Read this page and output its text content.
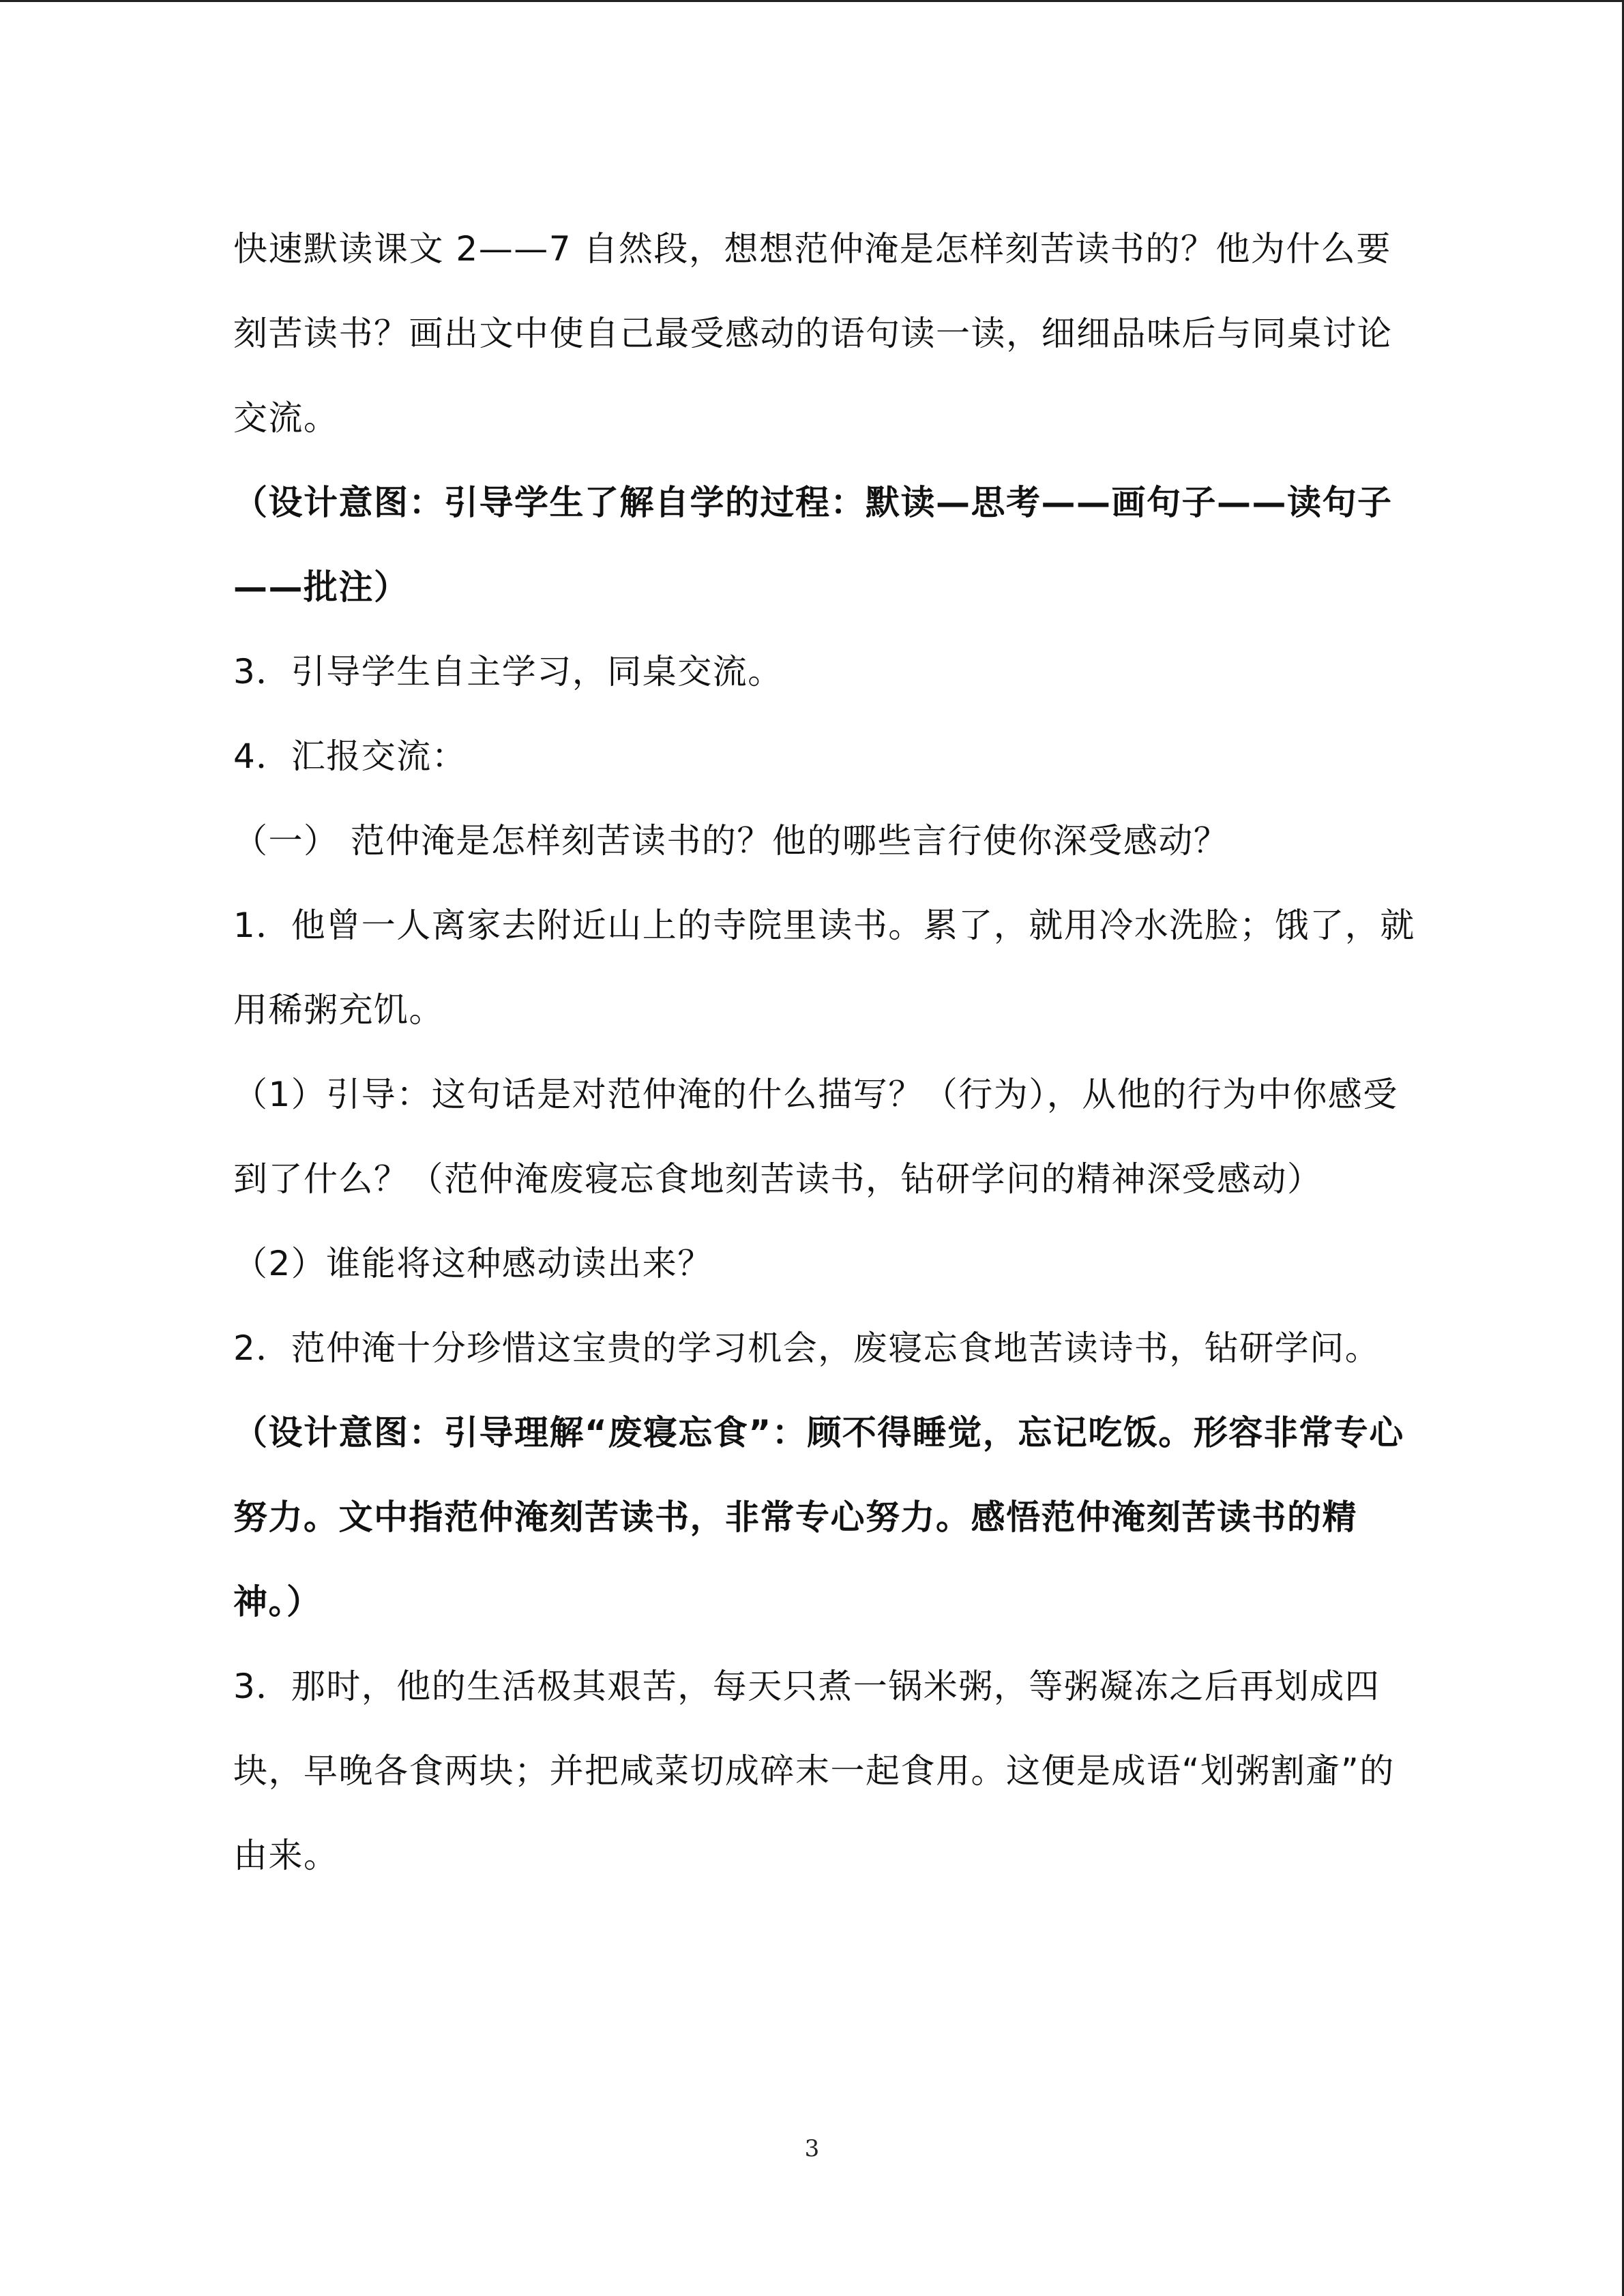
快速默读课文 2——7 自然段，想想范仲淹是怎样刻苦读书的？他为什么要刻苦读书？画出文中使自己最受感动的语句读一读，细细品味后与同桌讨论交流。

（设计意图：引导学生了解自学的过程：默读—思考——画句子——读句子——批注）

3．引导学生自主学习，同桌交流。

4．汇报交流：

（一） 范仲淹是怎样刻苦读书的？他的哪些言行使你深受感动？

1．他曾一人离家去附近山上的寺院里读书。累了，就用冷水洗脸；饿了，就用稀粥充饥。

（1）引导：这句话是对范仲淹的什么描写？（行为），从他的行为中你感受到了什么？（范仲淹废寝忘食地刻苦读书，钻研学问的精神深受感动）

（2）谁能将这种感动读出来？

2．范仲淹十分珍惜这宝贵的学习机会，废寝忘食地苦读诗书，钻研学问。

（设计意图：引导理解“废寝忘食”：顾不得睡觉，忘记吃饭。形容非常专心努力。文中指范仲淹刻苦读书，非常专心努力。感悟范仲淹刻苦读书的精神。）

3．那时，他的生活极其艰苦，每天只煮一锅米粥，等粥凝冻之后再划成四块，早晚各食两块；并把咸菜切成碎末一起食用。这便是成语“划粥割齑”的由来。

3
